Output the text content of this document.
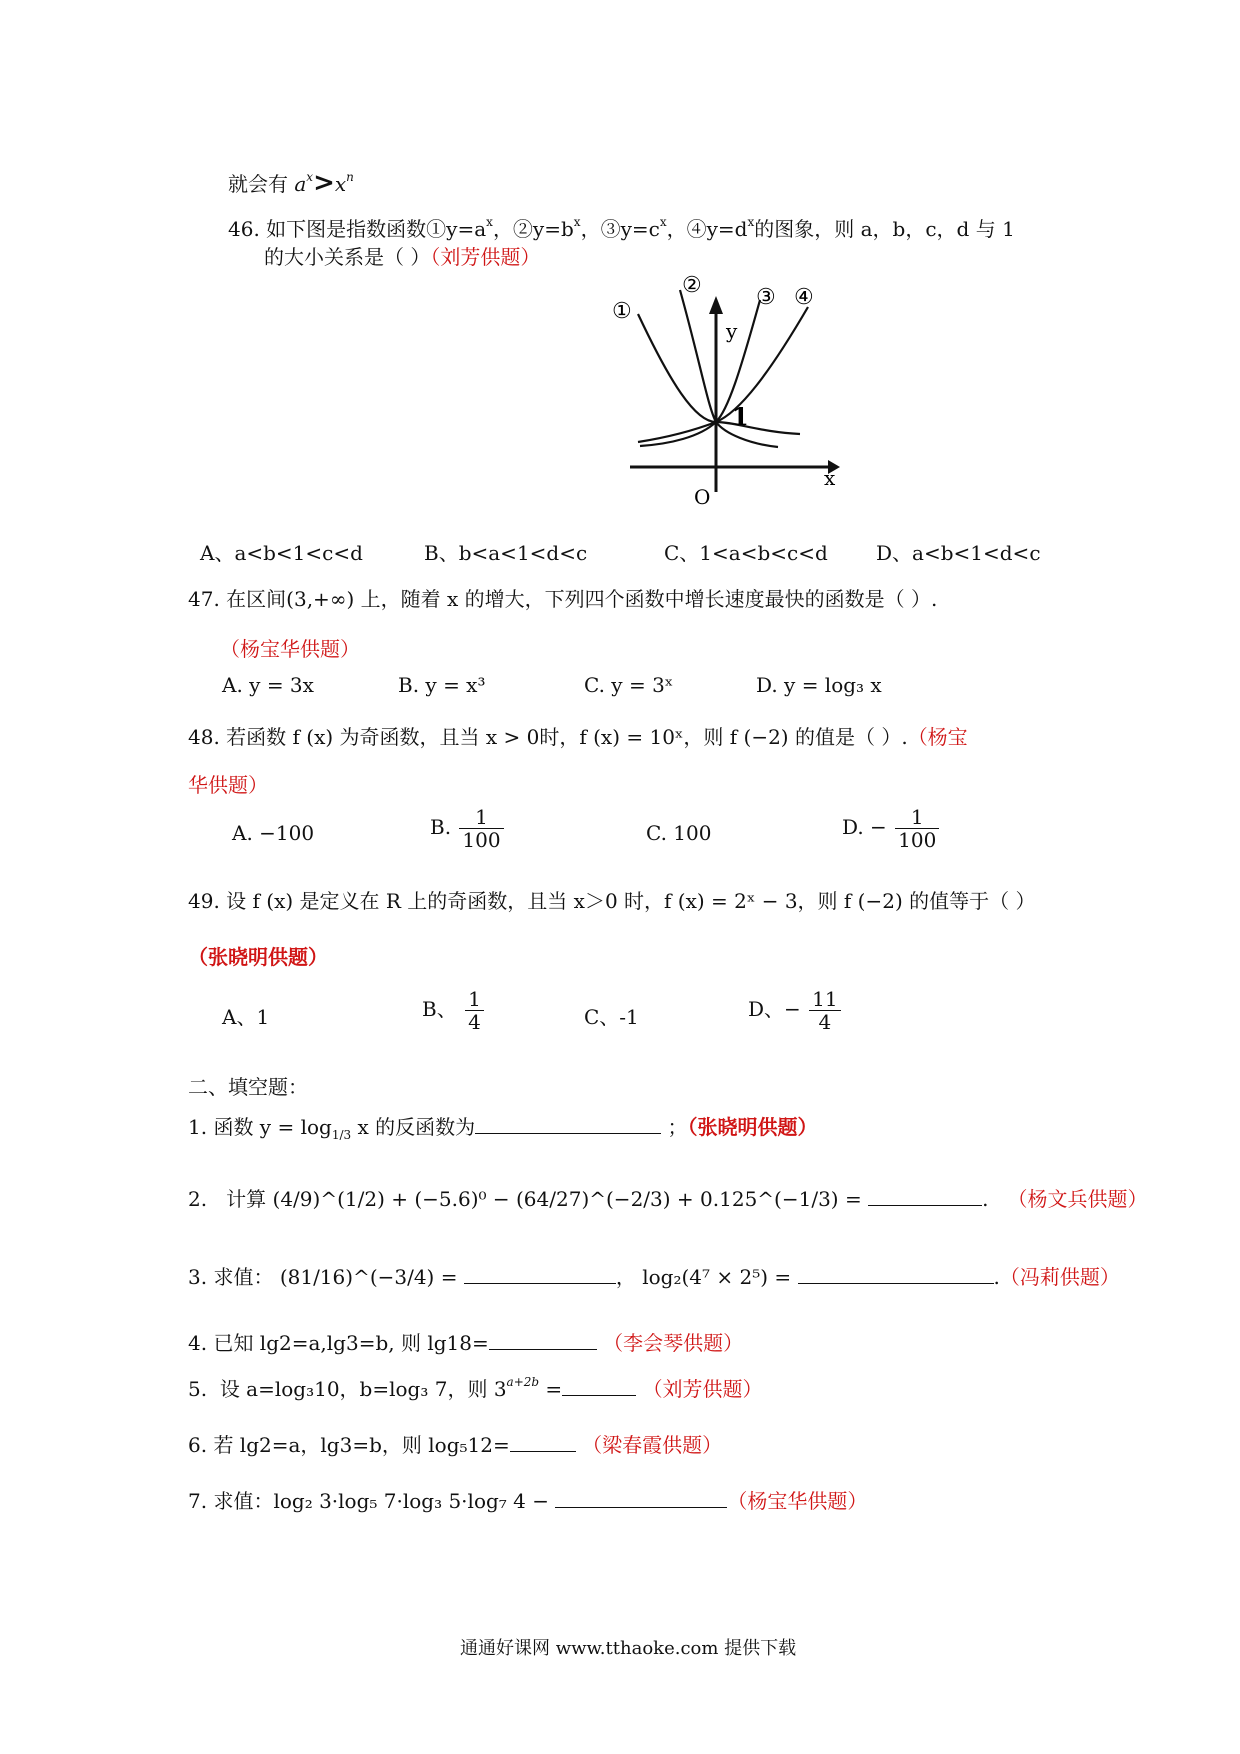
就会有 $a^x>x^n$
46. 如下图是指数函数$①y=a^x$，$②y=b^x$，$③y=c^x$，$④y=d^x$的图象，则 a，b，c，d 与 1
的大小关系是（ ）（刘芳供题）
①
② ③ ④
y
x
O
1
A、a<b<1<c<d	B、b<a<1<d<c	C、1<a<b<c<d D、a<b<1<d<c
47. 在区间(3,+∞) 上，随着 x 的增大，下列四个函数中增长速度最快的函数是（ ）.
（杨宝华供题）
A. y = 3x	B. y = x³	C. y = 3ˣ	D. y = log₃ x
48. 若函数 f (x) 为奇函数，且当 x > 0时，f (x) = 10ˣ，则 f (−2) 的值是（ ）.（杨宝
华供题）
A. −100	B. $\frac{1}{100}$	C. 100	D. − $\frac{1}{100}$
49. 设 f (x) 是定义在 R 上的奇函数，且当 x＞0 时，f (x) = 2ˣ − 3，则 f (−2) 的值等于（ ）
（张晓明供题）
A、1	B、 $\frac{1}{4}$	C、-1	D、− $\frac{11}{4}$
二、填空题：
1. 函数 $y = \log_{1/3} x$ 的反函数为	；（张晓明供题）
2. 计算 (4/9)^(1/2) + (−5.6)⁰ − (64/27)^(−2/3) + 0.125^(−1/3) =	. （杨文兵供题）
3. 求值： (81/16)^(−3/4) =	， log₂(4⁷ × 2⁵) =	.（冯莉供题）
4. 已知 lg2=a,lg3=b, 则 lg18=	（李会琴供题）
5. 设 a=log₃10，b=log₃ 7，则 $3^{a+2b}$ =	（刘芳供题）
6. 若 lg2=a，lg3=b，则 log₅12=	（梁春霞供题）
7. 求值：log₂ 3·log₅ 7·log₃ 5·log₇ 4 −	（杨宝华供题）
通通好课网 www.tthaoke.com 提供下载
